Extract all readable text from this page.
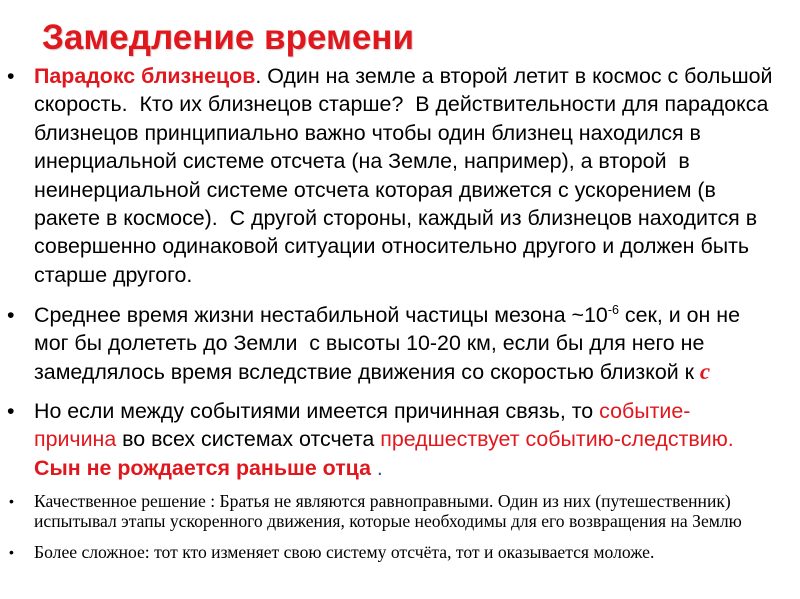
Замедление времени
• Парадокс близнецов. Один на земле а второй летит в космос с большой
скорость.  Кто их близнецов старше?  В действительности для парадокса
близнецов принципиально важно чтобы один близнец находился в
инерциальной системе отсчета (на Земле, например), а второй  в
неинерциальной системе отсчета которая движется с ускорением (в
ракете в космосе).  С другой стороны, каждый из близнецов находится в
совершенно одинаковой ситуации относительно другого и должен быть
старше другого.
• Среднее время жизни нестабильной частицы мезона $\sim 10^{-6}$ сек, и он не
мог бы долететь до Земли  с высоты 10-20 км, если бы для него не
замедлялось время вследствие движения со скоростью близкой к c
• Но если между событиями имеется причинная связь, то событие-
причина во всех системах отсчета предшествует событию-следствию.
Сын не рождается раньше отца .
• Качественное решение : Братья не являются равноправными. Один из них (путешественник)
испытывал этапы ускоренного движения, которые необходимы для его возвращения на Землю
• Более сложное: тот кто изменяет свою систему отсчёта, тот и оказывается моложе.
